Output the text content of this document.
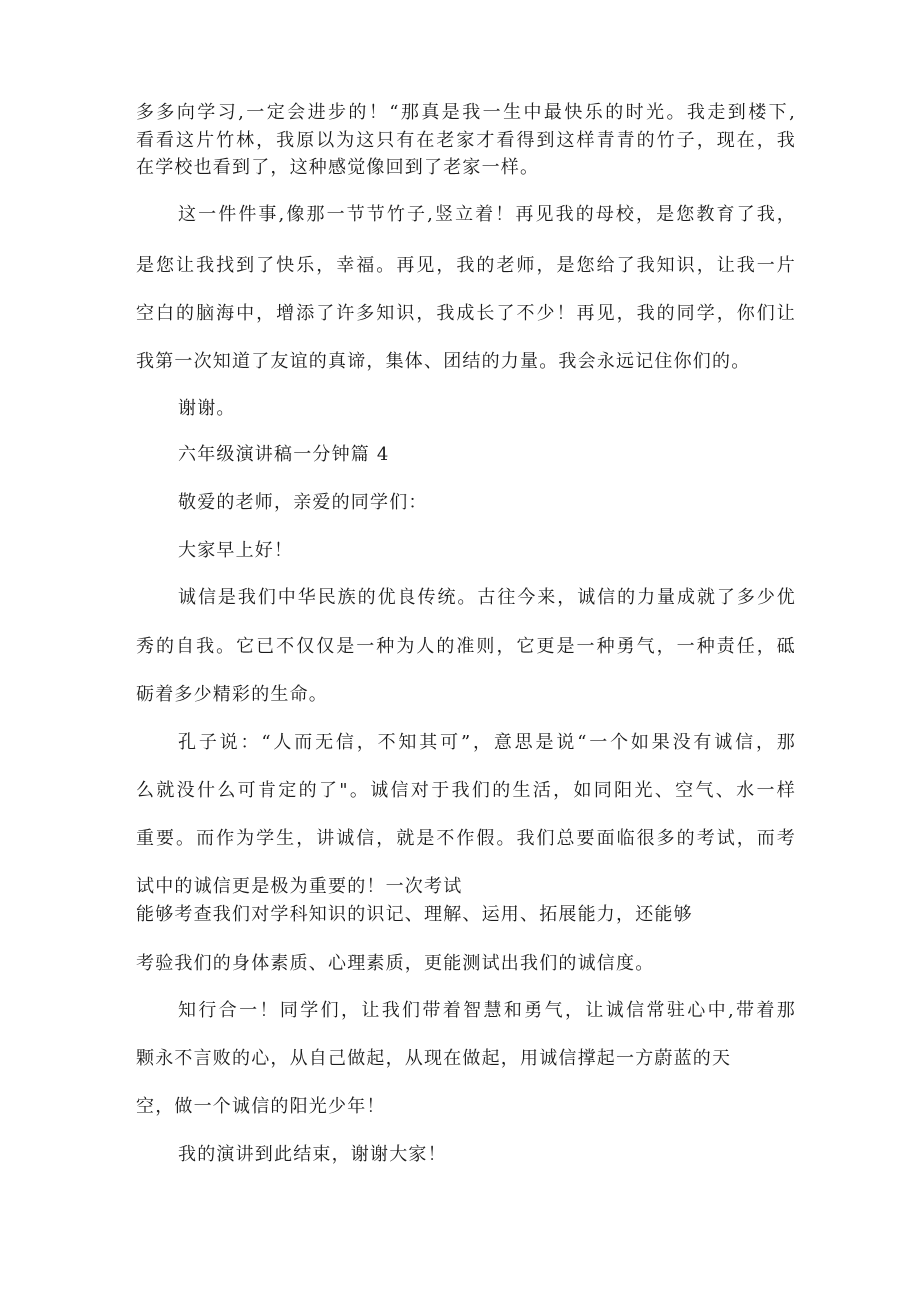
多多向学习,一定会进步的！“那真是我一生中最快乐的时光。我走到楼下,
看看这片竹林，我原以为这只有在老家才看得到这样青青的竹子，现在，我
在学校也看到了，这种感觉像回到了老家一样。
这一件件事,像那一节节竹子,竖立着！再见我的母校，是您教育了我，
是您让我找到了快乐，幸福。再见，我的老师，是您给了我知识，让我一片
空白的脑海中，增添了许多知识，我成长了不少！再见，我的同学，你们让
我第一次知道了友谊的真谛，集体、团结的力量。我会永远记住你们的。
谢谢。
六年级演讲稿一分钟篇 4
敬爱的老师，亲爱的同学们：
大家早上好！
诚信是我们中华民族的优良传统。古往今来，诚信的力量成就了多少优
秀的自我。它已不仅仅是一种为人的准则，它更是一种勇气，一种责任，砥
砺着多少精彩的生命。
孔子说：“人而无信，不知其可”，意思是说“一个如果没有诚信，那
么就没什么可肯定的了"。诚信对于我们的生活，如同阳光、空气、水一样
重要。而作为学生，讲诚信，就是不作假。我们总要面临很多的考试，而考
试中的诚信更是极为重要的！一次考试
能够考查我们对学科知识的识记、理解、运用、拓展能力，还能够
考验我们的身体素质、心理素质，更能测试出我们的诚信度。
知行合一！同学们，让我们带着智慧和勇气，让诚信常驻心中,带着那
颗永不言败的心，从自己做起，从现在做起，用诚信撑起一方蔚蓝的天
空，做一个诚信的阳光少年！
我的演讲到此结束，谢谢大家！
